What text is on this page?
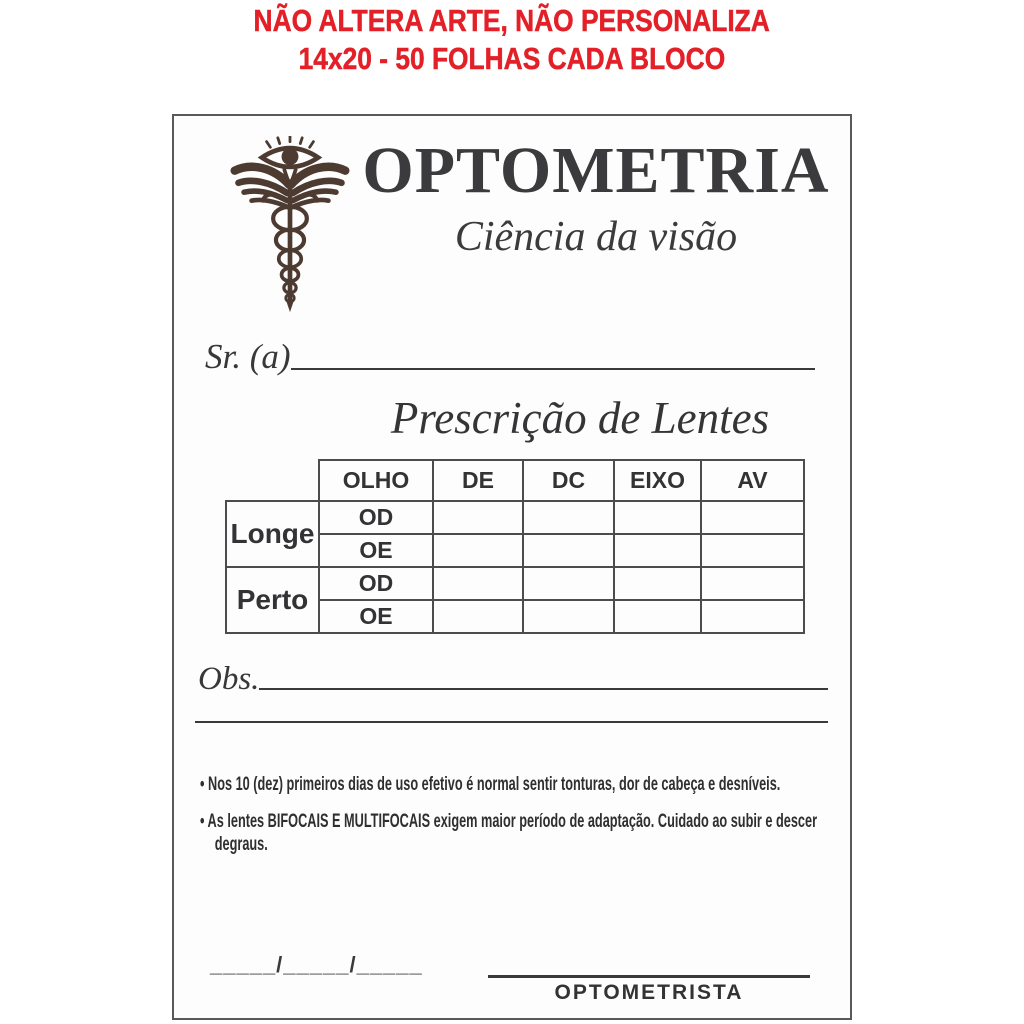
NÃO ALTERA ARTE, NÃO PERSONALIZA
14x20 - 50 FOLHAS CADA BLOCO
OPTOMETRIA
Ciência da visão
Sr. (a)
Prescrição de Lentes
	OLHO	DE	DC	EIXO	AV
Longe	OD				
	OE				
Perto	OD				
	OE				
Obs.
• Nos 10 (dez) primeiros dias de uso efetivo é normal sentir tonturas, dor de cabeça e desníveis.
• As lentes BIFOCAIS E MULTIFOCAIS exigem maior período de adaptação. Cuidado ao subir e descer degraus.
_____/_____/_____
OPTOMETRISTA
